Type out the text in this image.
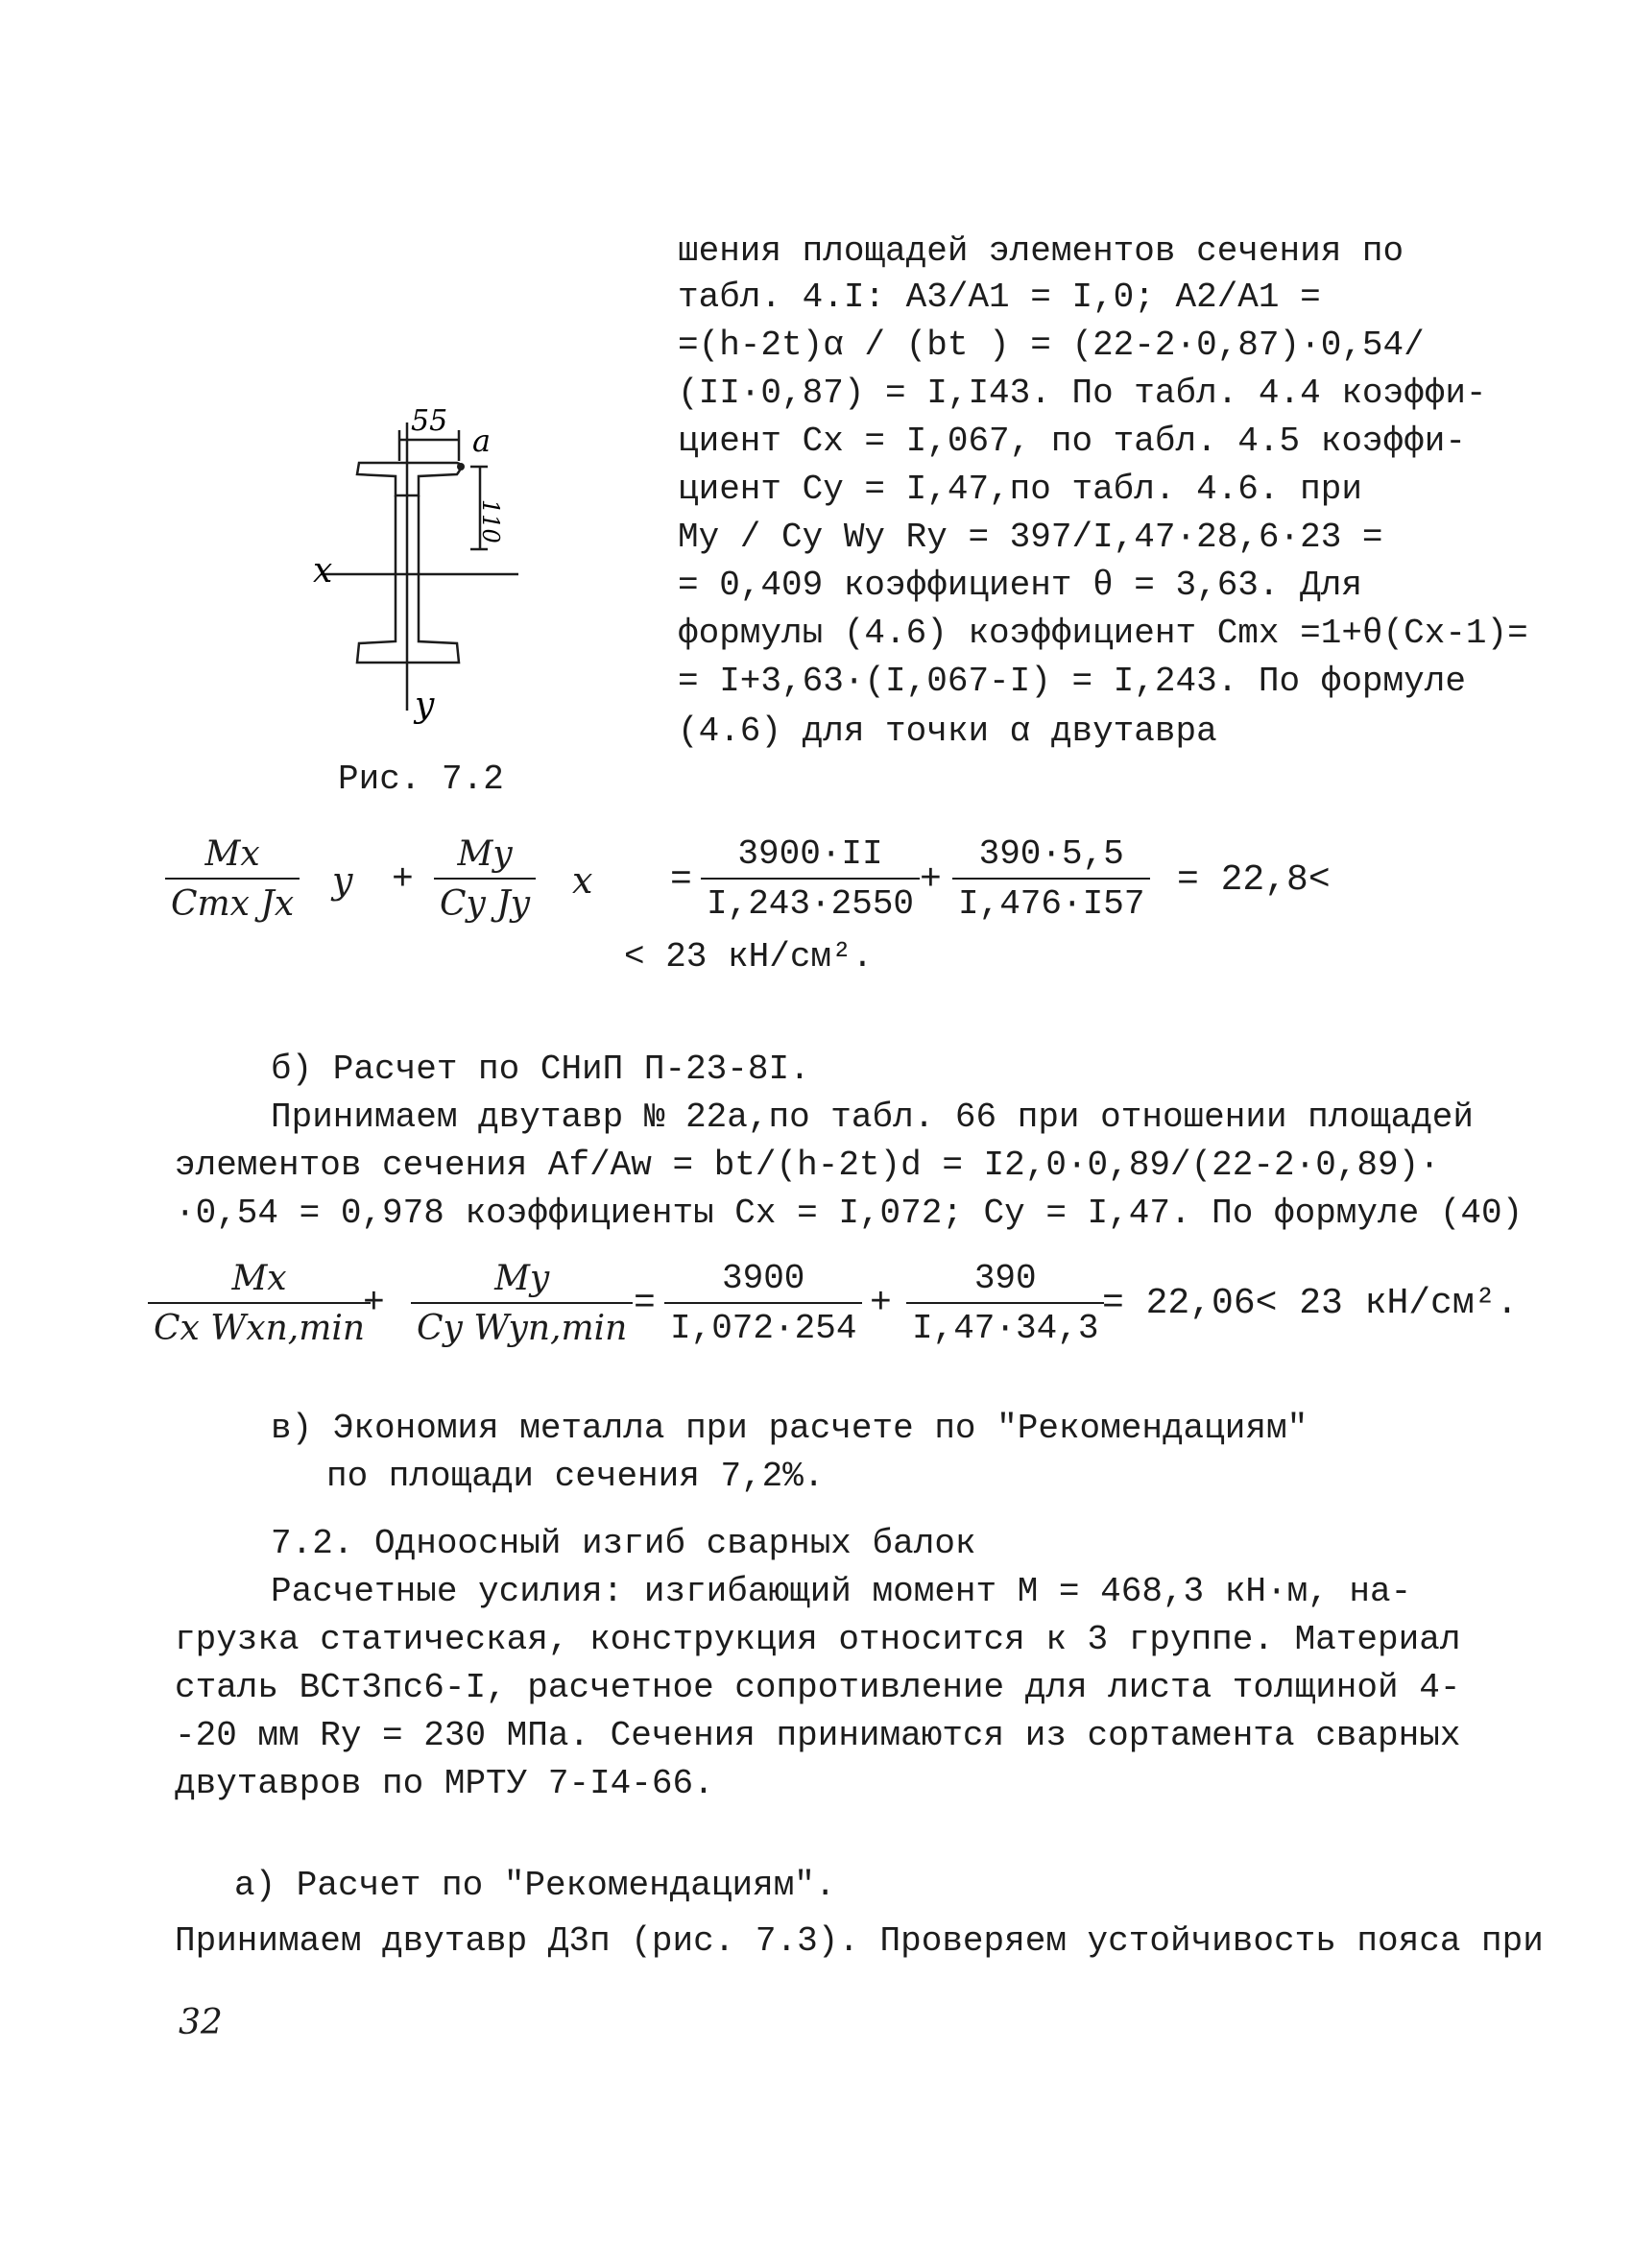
шения площадей элементов сечения по
табл. 4.I: A3/A1 = I,0; A2/A1 =
=(h-2t)α / (bt ) = (22-2·0,87)·0,54/
(II·0,87) = I,I43. По табл. 4.4 коэффи-
циент Cx = I,067, по табл. 4.5 коэффи-
циент Cy = I,47,по табл. 4.6. при
My / Cy Wy Ry = 397/I,47·28,6·23 =
= 0,409 коэффициент θ = 3,63. Для
формулы (4.6) коэффициент Cmx =1+θ(Cx-1)=
= I+3,63·(I,067-I) = I,243. По формуле
(4.6) для точки α двутавра
55
110
a
x
y
Рис. 7.2
Mx
Cmx Jx
y +
My
Cy Jy
x =
3900·II
I,243·2550
+
390·5,5
I,476·I57
= 22,8<
< 23 кН/см².
б) Расчет по СНиП П-23-8I.
Принимаем двутавр № 22а,по табл. 66 при отношении площадей
элементов сечения Af/Aw = bt/(h-2t)d = I2,0·0,89/(22-2·0,89)·
·0,54 = 0,978 коэффициенты Cx = I,072; Cy = I,47. По формуле (40)
Mx
Cx Wxn,min
+
My
Cy Wyn,min
=
3900
I,072·254
+
390
I,47·34,3
= 22,06< 23 кН/см².
в) Экономия металла при расчете по "Рекомендациям"
по площади сечения 7,2%.
7.2. Одноосный изгиб сварных балок
Расчетные усилия: изгибающий момент M = 468,3 кН·м, на-
грузка статическая, конструкция относится к 3 группе. Материал
сталь ВСт3пс6-I, расчетное сопротивление для листа толщиной 4-
-20 мм Ry = 230 МПа. Сечения принимаются из сортамента сварных
двутавров по МРТУ 7-I4-66.
а) Расчет по "Рекомендациям".
Принимаем двутавр Д3п (рис. 7.3). Проверяем устойчивость пояса при
32
